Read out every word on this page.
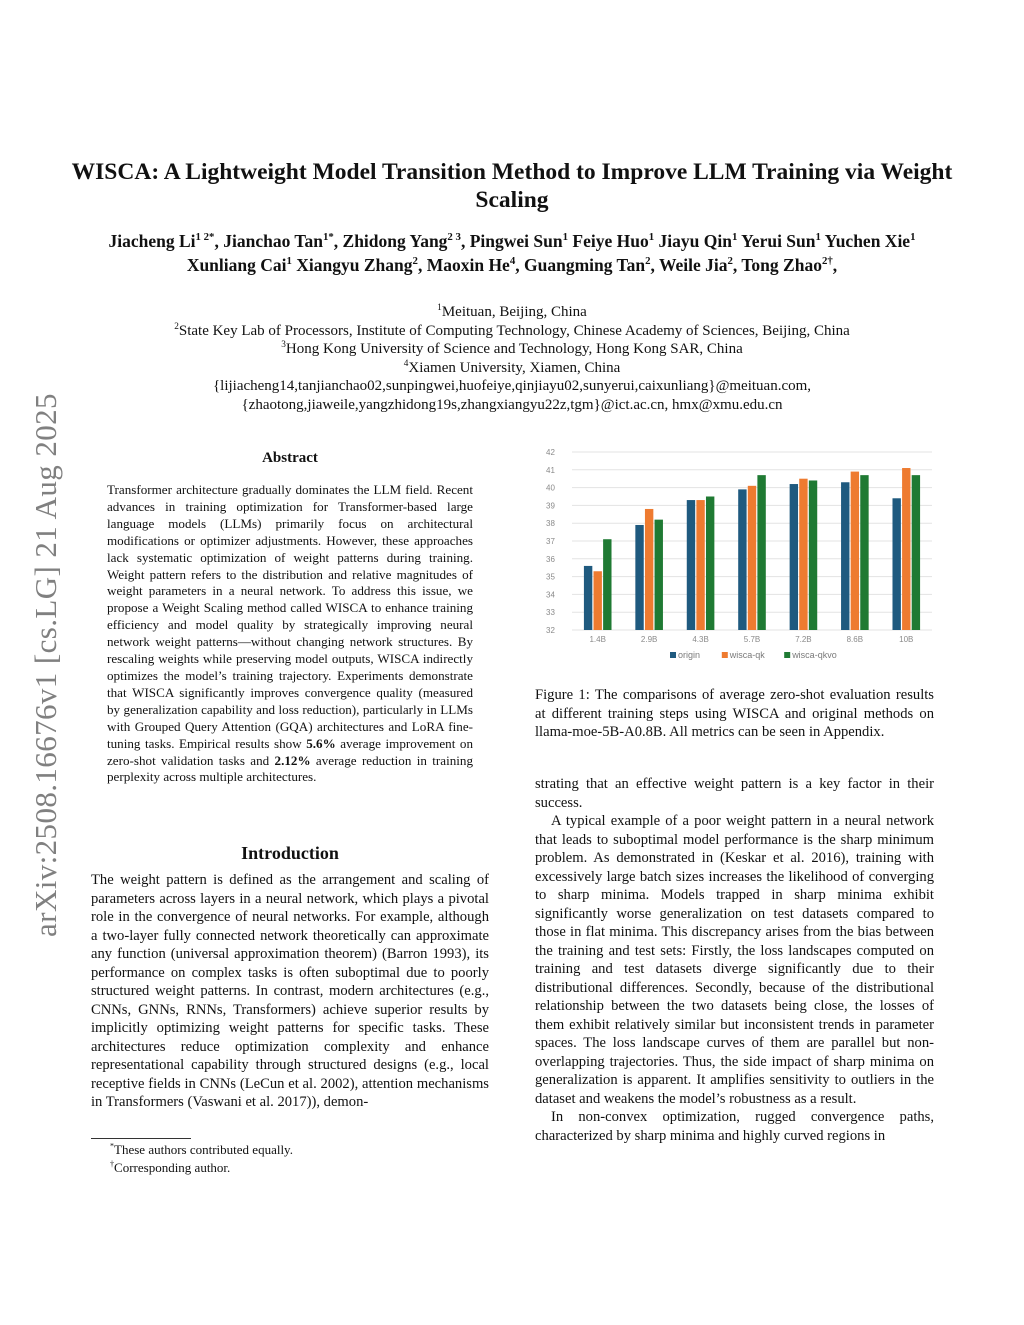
WISCA: A Lightweight Model Transition Method to Improve LLM Training via Weight Scaling
Jiacheng $Li^{1 2*}$, Jianchao Tan$^{1*}$, Zhidong Yang$^{2 3}$, Pingwei Sun$^1$ Feiye Huo$^1$ Jiayu Qin$^1$ Yerui Sun$^1$ Yuchen Xie$^1$ Xunliang Cai$^1$ Xiangyu Zhang$^2$, Maoxin He$^4$, Guangming Tan$^2$, Weile Jia$^2$, Tong Zhao$^{2\dagger}$,
$^1$Meituan, Beijing, China
$^2$State Key Lab of Processors, Institute of Computing Technology, Chinese Academy of Sciences, Beijing, China
$^3$Hong Kong University of Science and Technology, Hong Kong SAR, China
$^4$Xiamen University, Xiamen, China
{lijiacheng14,tanjianchao02,sunpingwei,huofeiye,qinjiayu02,sunyerui,caixunliang}@meituan.com,
{zhaotong,jiaweile,yangzhidong19s,zhangxiangyu22z,tgm}@ict.ac.cn, hmx@xmu.edu.cn
arXiv:2508.16676v1 [cs.LG] 21 Aug 2025	Abstract
Transformer architecture gradually dominates the LLM field. Recent advances in training optimization for Transformer-based large language models (LLMs) primarily focus on architectural modifications or optimizer adjustments. However, these approaches lack systematic optimization of weight patterns during training. Weight pattern refers to the distribution and relative magnitudes of weight parameters in a neural network. To address this issue, we propose a Weight Scaling method called WISCA to enhance training efficiency and model quality by strategically improving neural network weight patterns—without changing network structures. By rescaling weights while preserving model outputs, WISCA indirectly optimizes the model’s training trajectory. Experiments demonstrate that WISCA significantly improves convergence quality (measured by generalization capability and loss reduction), particularly in LLMs with Grouped Query Attention (GQA) architectures and LoRA fine-tuning tasks. Empirical results show 5.6% average improvement on zero-shot validation tasks and 2.12% average reduction in training perplexity across multiple architectures.
Introduction

The weight pattern is defined as the arrangement and scaling of parameters across layers in a neural network, which plays a pivotal role in the convergence of neural networks. For example, although a two-layer fully connected network theoretically can approximate any function (universal approximation theorem) (Barron 1993), its performance on complex tasks is often suboptimal due to poorly structured weight patterns. In contrast, modern architectures (e.g., CNNs, GNNs, RNNs, Transformers) achieve superior results by implicitly optimizing weight patterns for specific tasks. These architectures reduce optimization complexity and enhance representational capability through structured designs (e.g., local receptive fields in CNNs (LeCun et al. 2002), attention mechanisms in Transformers (Vaswani et al. 2017)), demon-

*These authors contributed equally.
†Corresponding author.
32
33
34
35
36
37
38
39
40
41
42
1.4B	2.9B	4.3B	5.7B	7.2B	8.6B	10B
origin	wisca-qk	wisca-qkvo
Figure 1: The comparisons of average zero-shot evaluation results at different training steps using WISCA and original methods on llama-moe-5B-A0.8B. All metrics can be seen in Appendix.

strating that an effective weight pattern is a key factor in their success.

A typical example of a poor weight pattern in a neural network that leads to suboptimal model performance is the sharp minimum problem. As demonstrated in (Keskar et al. 2016), training with excessively large batch sizes increases the likelihood of converging to sharp minima. Models trapped in sharp minima exhibit significantly worse generalization on test datasets compared to those in flat minima. This discrepancy arises from the bias between the training and test sets: Firstly, the loss landscapes computed on training and test datasets diverge significantly due to their distributional differences. Secondly, because of the distributional relationship between the two datasets being close, the losses of them exhibit relatively similar but inconsistent trends in parameter spaces. The loss landscape curves of them are parallel but non-overlapping trajectories. Thus, the side impact of sharp minima on generalization is apparent. It amplifies sensitivity to outliers in the dataset and weakens the model’s robustness as a result.

In non-convex optimization, rugged convergence paths, characterized by sharp minima and highly curved regions in
